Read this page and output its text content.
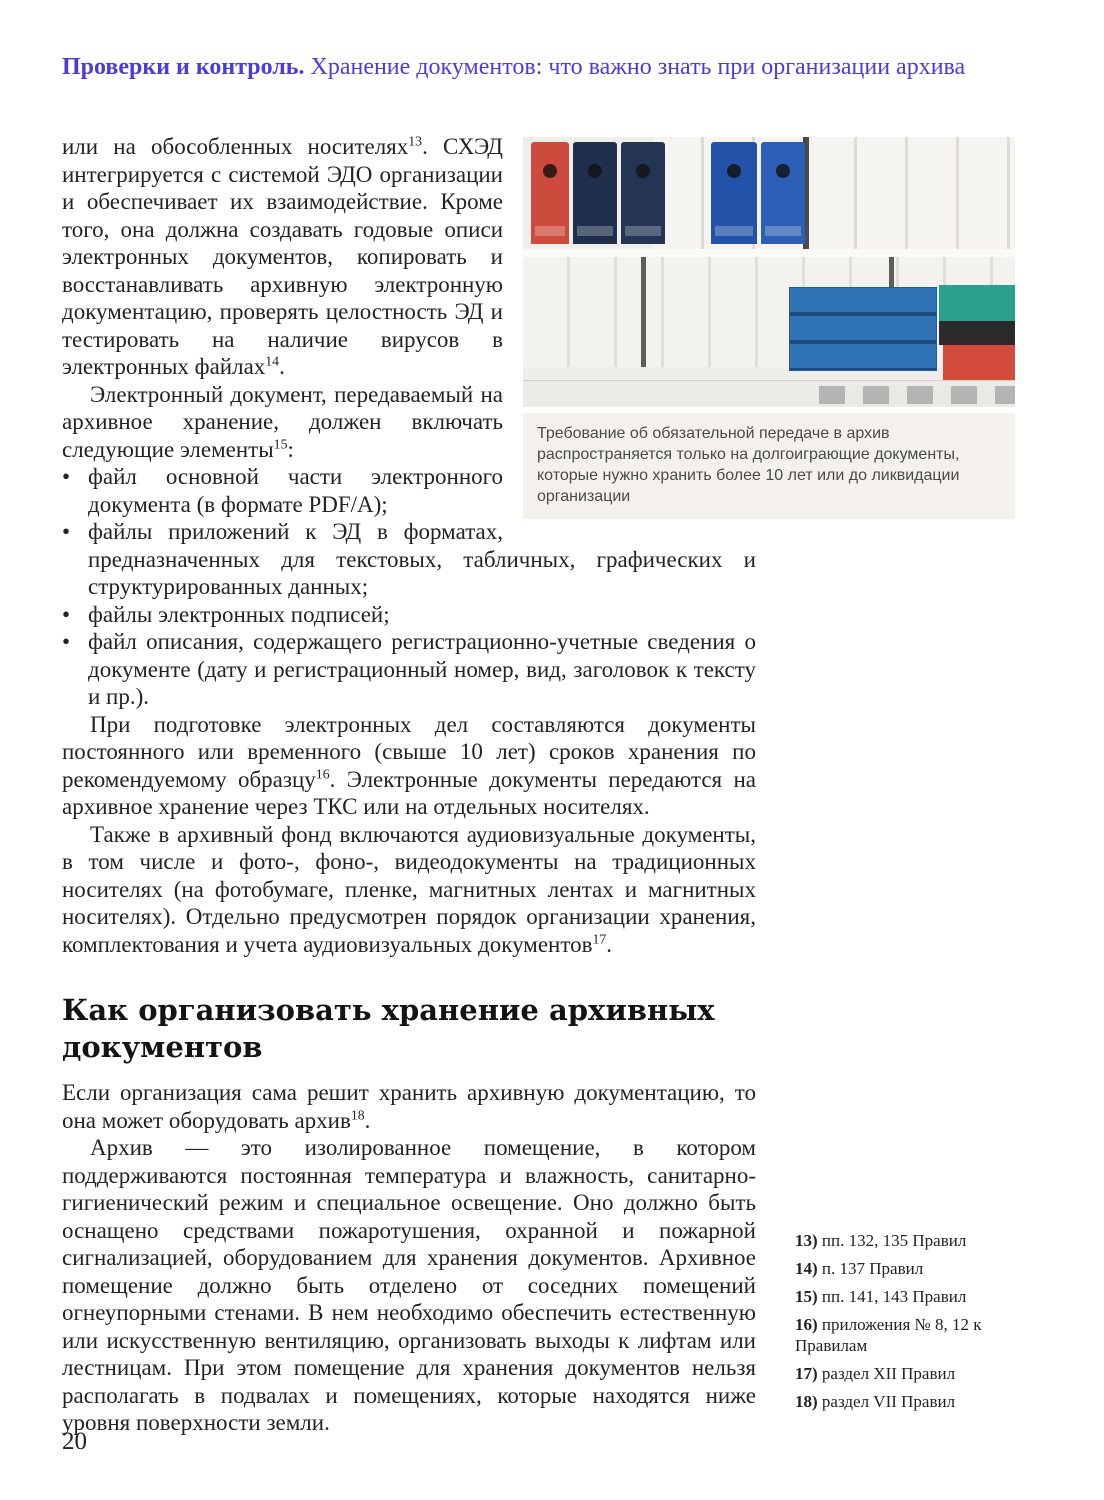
Проверки и контроль. Хранение документов: что важно знать при организации архива
Требование об обязательной передаче в архив распространяется только на долгоиграющие документы, которые нужно хранить более 10 лет или до ликвидации организации

или на обособленных носителях$^{13}$. СХЭД интегрируется с системой ЭДО организации и обеспечивает их взаимодействие. Кроме того, она должна создавать годовые описи электронных документов, копировать и восстанавливать архивную электронную документацию, проверять целостность ЭД и тестировать на наличие вирусов в электронных файлах$^{14}$.

Электронный документ, передаваемый на архивное хранение, должен включать следующие элементы$^{15}$:

• файл основной части электронного документа (в формате PDF/A);
• файлы приложений к ЭД в форматах, предназначенных для текстовых, табличных, графических и структурированных данных;
• файлы электронных подписей;
• файл описания, содержащего регистрационно-учетные сведения о документе (дату и регистрационный номер, вид, заголовок к тексту и пр.).

При подготовке электронных дел составляются документы постоянного или временного (свыше 10 лет) сроков хранения по рекомендуемому образцу$^{16}$. Электронные документы передаются на архивное хранение через ТКС или на отдельных носителях.

Также в архивный фонд включаются аудиовизуальные документы, в том числе и фото-, фоно-, видеодокументы на традиционных носителях (на фотобумаге, пленке, магнитных лентах и магнитных носителях). Отдельно предусмотрен порядок организации хранения, комплектования и учета аудиовизуальных документов$^{17}$.

Как организовать хранение архивных документов

Если организация сама решит хранить архивную документацию, то она может оборудовать архив$^{18}$.

Архив — это изолированное помещение, в котором поддерживаются постоянная температура и влажность, санитарно-гигиенический режим и специальное освещение. Оно должно быть оснащено средствами пожаротушения, охранной и пожарной сигнализацией, оборудованием для хранения документов. Архивное помещение должно быть отделено от соседних помещений огнеупорными стенами. В нем необходимо обеспечить естественную или искусственную вентиляцию, организовать выходы к лифтам или лестницам. При этом помещение для хранения документов нельзя располагать в подвалах и помещениях, которые находятся ниже уровня поверхности земли.

13) пп. 132, 135 Правил
14) п. 137 Правил
15) пп. 141, 143 Правил
16) приложения № 8, 12 к Правилам
17) раздел XII Правил
18) раздел VII Правил
20
